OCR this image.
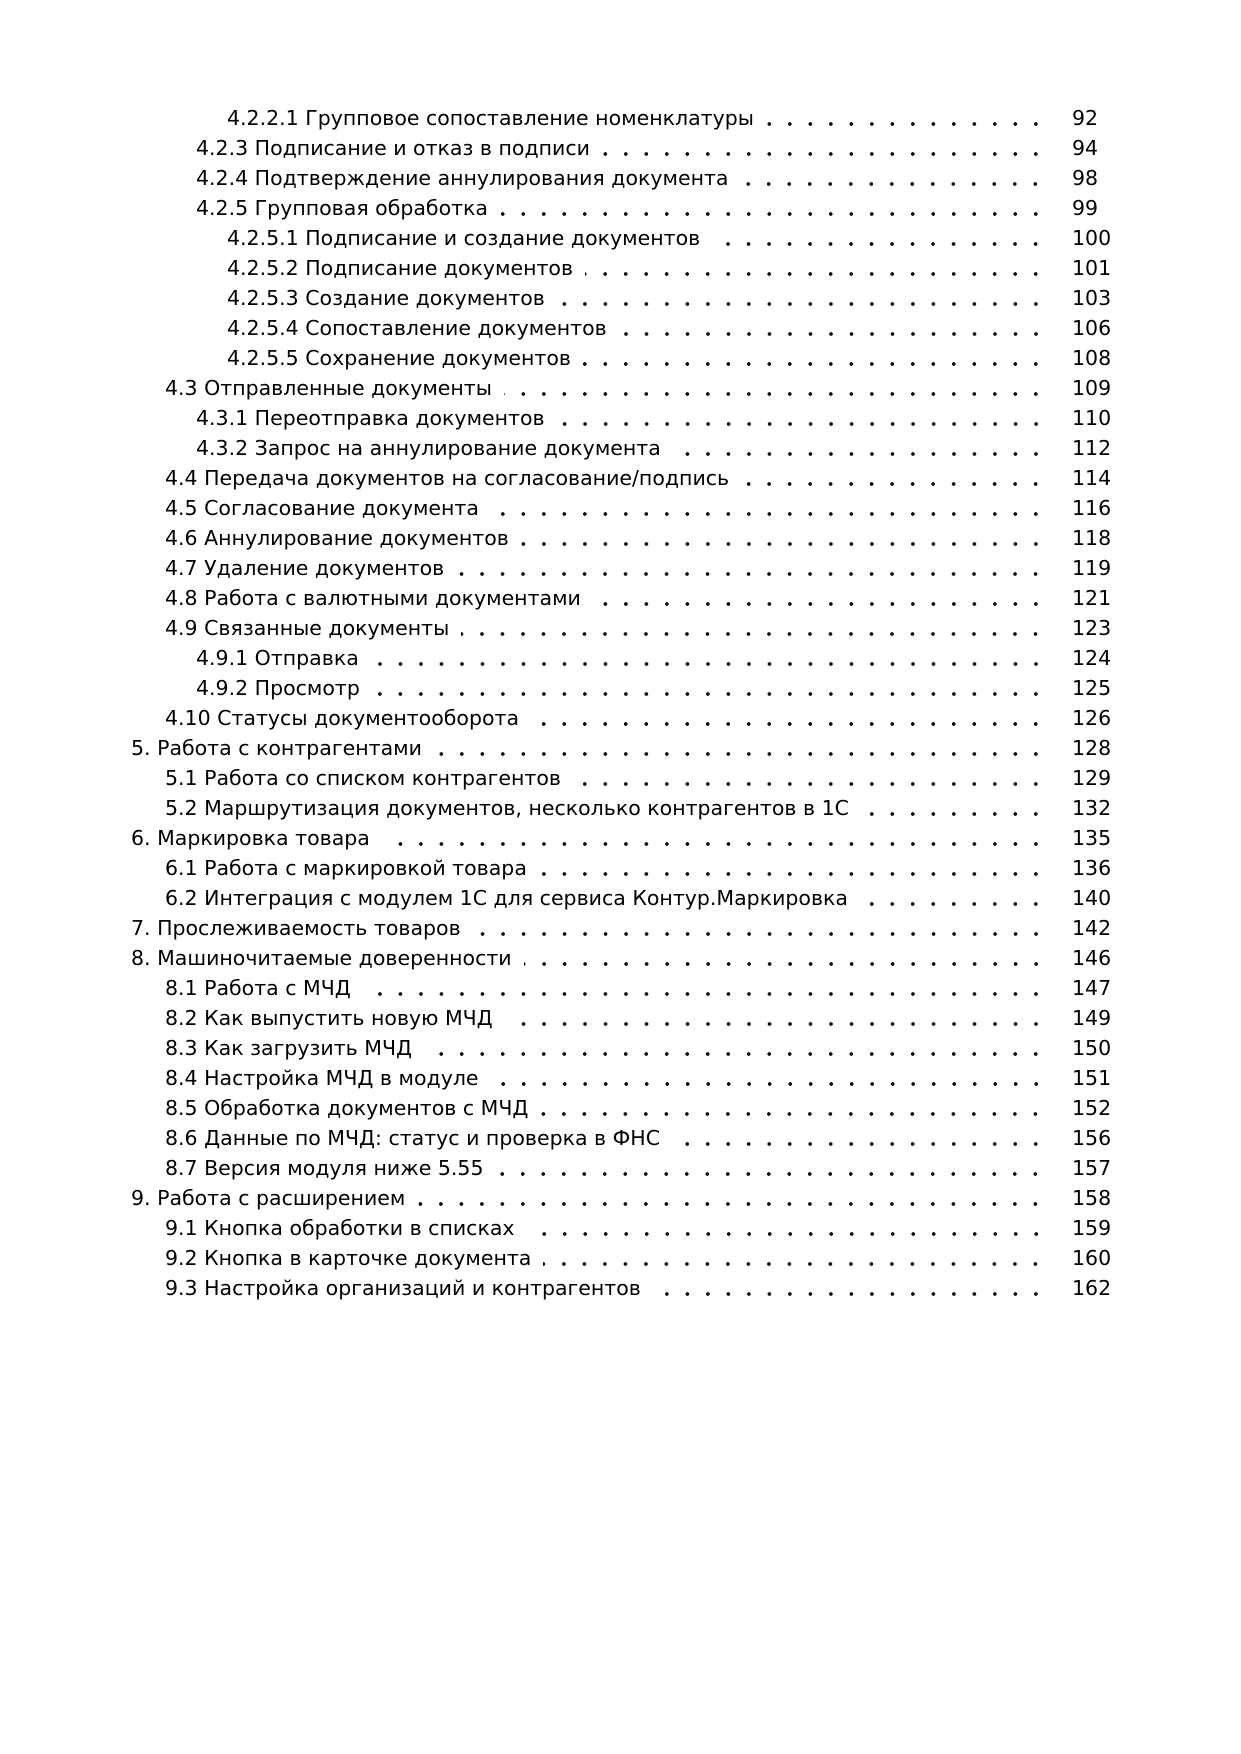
4.2.2.1 Групповое сопоставление номенклатуры	92
4.2.3 Подписание и отказ в подписи	94
4.2.4 Подтверждение аннулирования документа	98
4.2.5 Групповая обработка	99
4.2.5.1 Подписание и создание документов	100
4.2.5.2 Подписание документов	101
4.2.5.3 Создание документов	103
4.2.5.4 Сопоставление документов	106
4.2.5.5 Сохранение документов	108
4.3 Отправленные документы	109
4.3.1 Переотправка документов	110
4.3.2 Запрос на аннулирование документа	112
4.4 Передача документов на согласование/подпись	114
4.5 Согласование документа	116
4.6 Аннулирование документов	118
4.7 Удаление документов	119
4.8 Работа с валютными документами	121
4.9 Связанные документы	123
4.9.1 Отправка	124
4.9.2 Просмотр	125
4.10 Статусы документооборота	126
5. Работа с контрагентами	128
5.1 Работа со списком контрагентов	129
5.2 Маршрутизация документов, несколько контрагентов в 1С	132
6. Маркировка товара	135
6.1 Работа с маркировкой товара	136
6.2 Интеграция с модулем 1С для сервиса Контур.Маркировка	140
7. Прослеживаемость товаров	142
8. Машиночитаемые доверенности	146
8.1 Работа с МЧД	147
8.2 Как выпустить новую МЧД	149
8.3 Как загрузить МЧД	150
8.4 Настройка МЧД в модуле	151
8.5 Обработка документов с МЧД	152
8.6 Данные по МЧД: статус и проверка в ФНС	156
8.7 Версия модуля ниже 5.55	157
9. Работа с расширением	158
9.1 Кнопка обработки в списках	159
9.2 Кнопка в карточке документа	160
9.3 Настройка организаций и контрагентов	162
